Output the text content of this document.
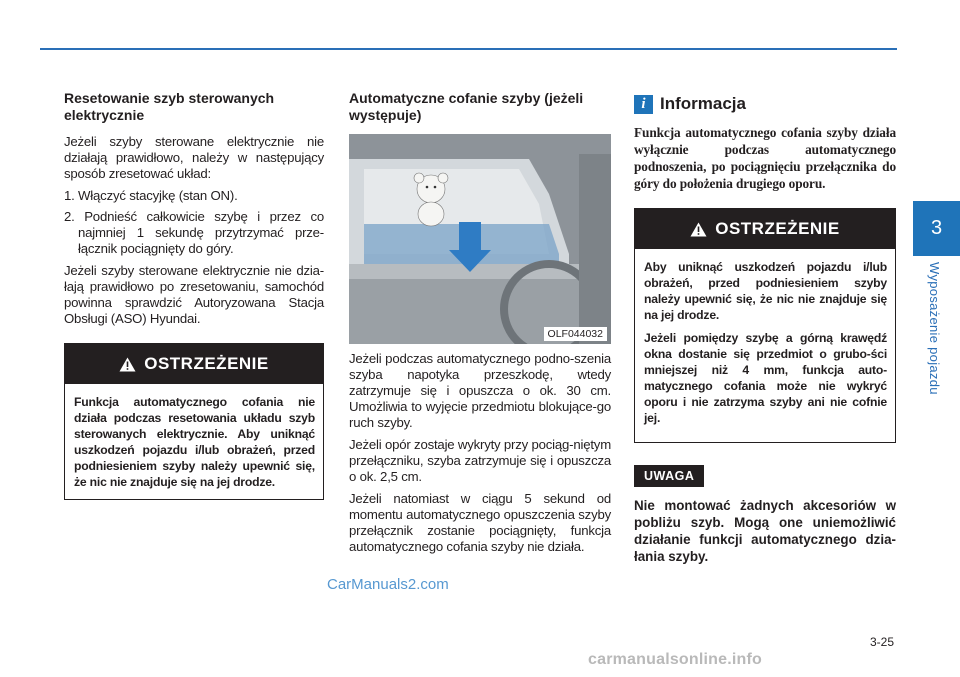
3
Wyposażenie pojazdu
Resetowanie szyb sterowanych elektrycznie

Jeżeli szyby sterowane elektrycznie nie działają prawidłowo, należy w następujący sposób zresetować układ:

1. Włączyć stacyjkę (stan ON).
2. Podnieść całkowicie szybę i przez co najmniej 1 sekundę przytrzymać prze-łącznik pociągnięty do góry.

Jeżeli szyby sterowane elektrycznie nie dzia-łają prawidłowo po zresetowaniu, samochód powinna sprawdzić Autoryzowana Stacja Obsługi (ASO) Hyundai.

OSTRZEŻENIE
Funkcja automatycznego cofania nie działa podczas resetowania układu szyb sterowanych elektrycznie. Aby uniknąć uszkodzeń pojazdu i/lub obrażeń, przed podniesieniem szyby należy upewnić się, że nic nie znajduje się na jej drodze.
Automatyczne cofanie szyby (jeżeli występuje)
OLF044032

Jeżeli podczas automatycznego podno-szenia szyba napotyka przeszkodę, wtedy zatrzymuje się i opuszcza o ok. 30 cm. Umożliwia to wyjęcie przedmiotu blokujące-go ruch szyby.

Jeżeli opór zostaje wykryty przy pociąg-niętym przełączniku, szyba zatrzymuje się i opuszcza o ok. 2,5 cm.

Jeżeli natomiast w ciągu 5 sekund od momentu automatycznego opuszczenia szyby przełącznik zostanie pociągnięty, funkcja automatycznego cofania szyby nie działa.

i Informacja
Funkcja automatycznego cofania szyby działa wyłącznie podczas automatycznego podnoszenia, po pociągnięciu przełącznika do góry do położenia drugiego oporu.
OSTRZEŻENIE

Aby uniknąć uszkodzeń pojazdu i/lub obrażeń, przed podniesieniem szyby należy upewnić się, że nic nie znajduje się na jej drodze.

Jeżeli pomiędzy szybę a górną krawędź okna dostanie się przedmiot o grubo-ści mniejszej niż 4 mm, funkcja auto-matycznego cofania może nie wykryć oporu i nie zatrzyma szyby ani nie cofnie jej.

UWAGA
Nie montować żadnych akcesoriów w pobliżu szyb. Mogą one uniemożliwić działanie funkcji automatycznego dzia-łania szyby.
3-25
CarManuals2.com
carmanualsonline.info
